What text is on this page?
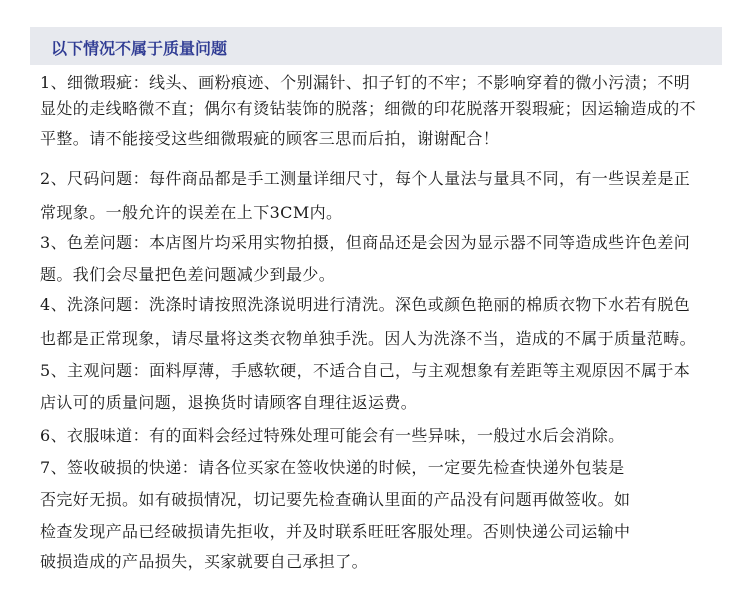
以下情况不属于质量问题
1、细微瑕疵：线头、画粉痕迹、个别漏针、扣子钉的不牢；不影响穿着的微小污渍；不明
显处的走线略微不直；偶尔有烫钻装饰的脱落；细微的印花脱落开裂瑕疵；因运输造成的不
平整。请不能接受这些细微瑕疵的顾客三思而后拍，谢谢配合！
2、尺码问题：每件商品都是手工测量详细尺寸，每个人量法与量具不同，有一些误差是正
常现象。一般允许的误差在上下3CM内。
3、色差问题：本店图片均采用实物拍摄，但商品还是会因为显示器不同等造成些许色差问
题。我们会尽量把色差问题减少到最少。
4、洗涤问题：洗涤时请按照洗涤说明进行清洗。深色或颜色艳丽的棉质衣物下水若有脱色
也都是正常现象，请尽量将这类衣物单独手洗。因人为洗涤不当，造成的不属于质量范畴。
5、主观问题：面料厚薄，手感软硬，不适合自己，与主观想象有差距等主观原因不属于本
店认可的质量问题，退换货时请顾客自理往返运费。
6、衣服味道：有的面料会经过特殊处理可能会有一些异味，一般过水后会消除。
7、签收破损的快递：请各位买家在签收快递的时候，一定要先检查快递外包装是
否完好无损。如有破损情况，切记要先检查确认里面的产品没有问题再做签收。如
检查发现产品已经破损请先拒收，并及时联系旺旺客服处理。否则快递公司运输中
破损造成的产品损失，买家就要自己承担了。
